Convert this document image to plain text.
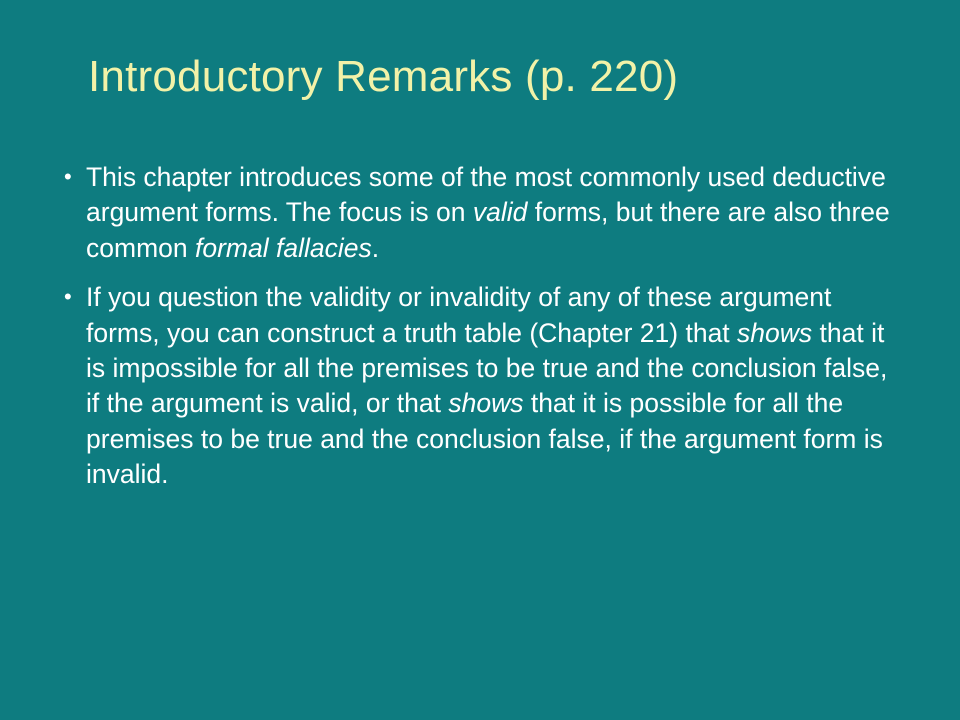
Introductory Remarks (p. 220)
• This chapter introduces some of the most commonly used deductive argument forms. The focus is on valid forms, but there are also three common formal fallacies.
• If you question the validity or invalidity of any of these argument forms, you can construct a truth table (Chapter 21) that shows that it is impossible for all the premises to be true and the conclusion false, if the argument is valid, or that shows that it is possible for all the premises to be true and the conclusion false, if the argument form is invalid.
